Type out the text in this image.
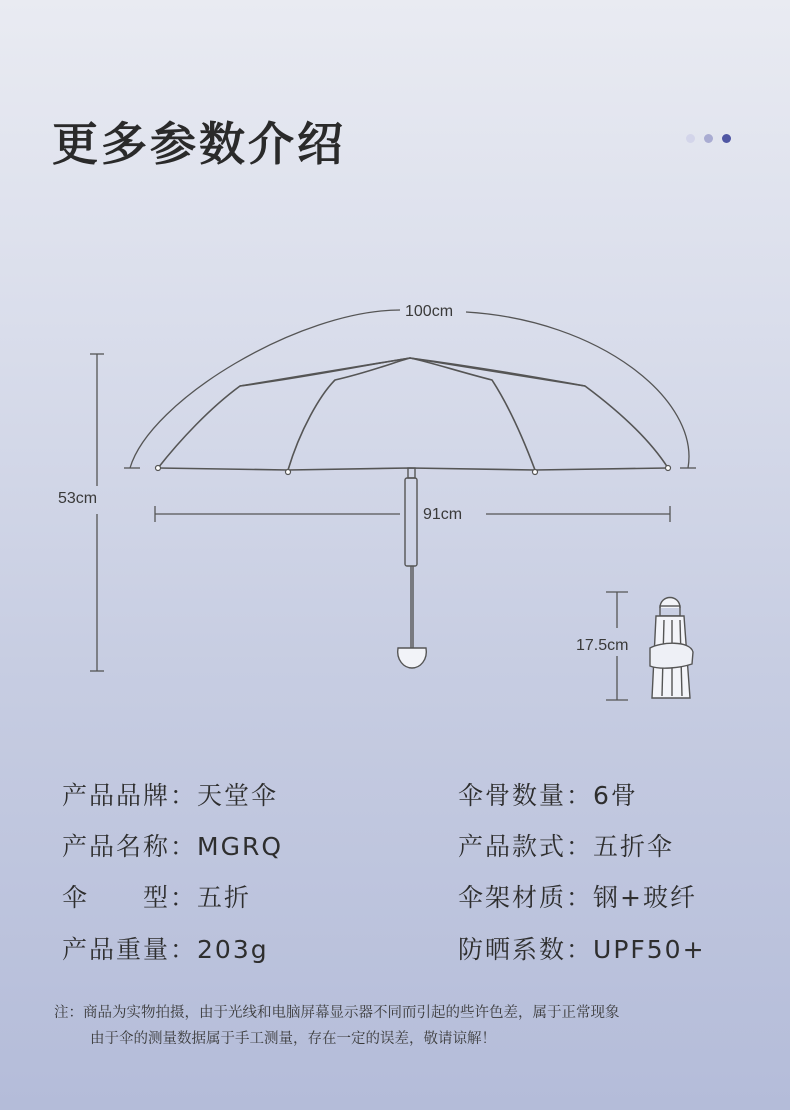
更多参数介绍
100cm
53cm
91cm
17.5cm
产品品牌：天堂伞	伞骨数量：6骨
产品名称：MGRQ	产品款式：五折伞
伞　　型：五折	伞架材质：钢+玻纤
产品重量：203g	防晒系数：UPF50+
注：商品为实物拍摄，由于光线和电脑屏幕显示器不同而引起的些许色差，属于正常现象
由于伞的测量数据属于手工测量，存在一定的误差，敬请谅解！
